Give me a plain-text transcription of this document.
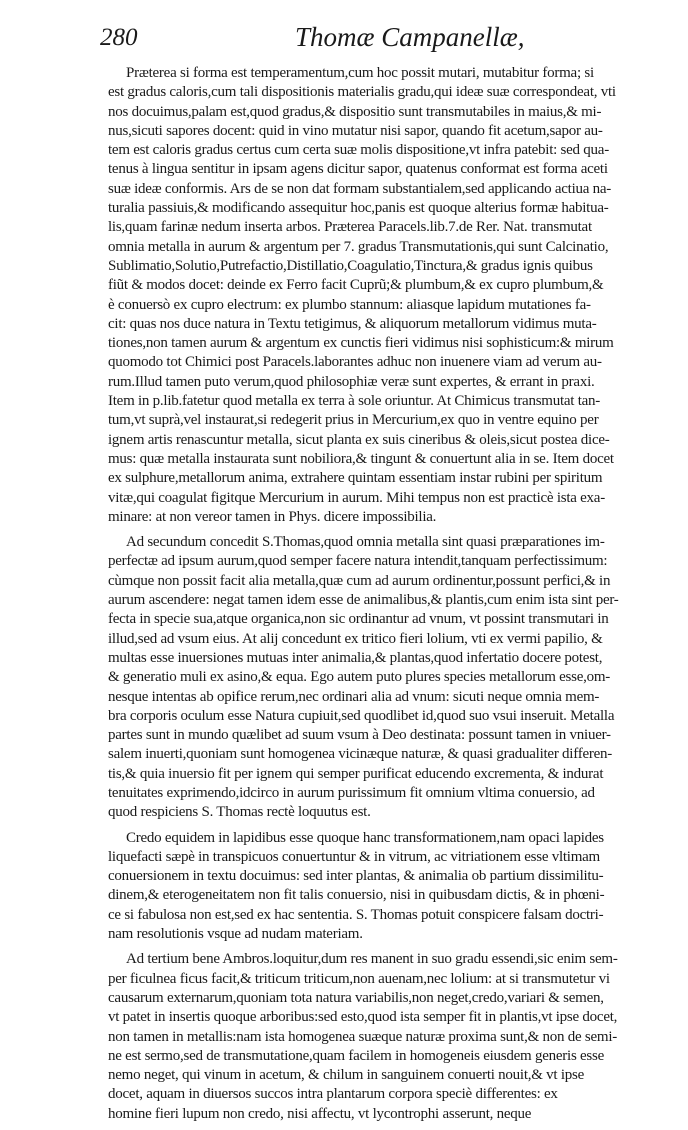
280	Thomæ Campanellæ,
Præterea si forma est temperamentum,cum hoc possit mutari, mutabitur forma; si
est gradus caloris,cum tali dispositionis materialis gradu,qui ideæ suæ correspondeat, vti
nos docuimus,palam est,quod gradus,& dispositio sunt transmutabiles in maius,& mi-
nus,sicuti sapores docent: quid in vino mutatur nisi sapor, quando fit acetum,sapor au-
tem est caloris gradus certus cum certa suæ molis dispositione,vt infra patebit: sed qua-
tenus à lingua sentitur in ipsam agens dicitur sapor, quatenus conformat est forma aceti
suæ ideæ conformis. Ars de se non dat formam substantialem,sed applicando actiua na-
turalia passiuis,& modificando assequitur hoc,panis est quoque alterius formæ habitua-
lis,quam farinæ nedum inserta arbos. Præterea Paracels.lib.7.de Rer. Nat. transmutat
omnia metalla in aurum & argentum per 7. gradus Transmutationis,qui sunt Calcinatio,
Sublimatio,Solutio,Putrefactio,Distillatio,Coagulatio,Tinctura,& gradus ignis quibus
fiũt & modos docet: deinde ex Ferro facit Cuprũ;& plumbum,& ex cupro plumbum,&
è conuersò ex cupro electrum: ex plumbo stannum: aliasque lapidum mutationes fa-
cit: quas nos duce natura in Textu tetigimus, & aliquorum metallorum vidimus muta-
tiones,non tamen aurum & argentum ex cunctis fieri vidimus nisi sophisticum:& mirum
quomodo tot Chimici post Paracels.laborantes adhuc non inuenere viam ad verum au-
rum.Illud tamen puto verum,quod philosophiæ veræ sunt expertes, & errant in praxi.
Item in p.lib.fatetur quod metalla ex terra à sole oriuntur. At Chimicus transmutat tan-
tum,vt suprà,vel instaurat,si redegerit prius in Mercurium,ex quo in ventre equino per
ignem artis renascuntur metalla, sicut planta ex suis cineribus & oleis,sicut postea dice-
mus: quæ metalla instaurata sunt nobiliora,& tingunt & conuertunt alia in se. Item docet
ex sulphure,metallorum anima, extrahere quintam essentiam instar rubini per spiritum
vitæ,qui coagulat figitque Mercurium in aurum. Mihi tempus non est practicè ista exa-
minare: at non vereor tamen in Phys. dicere impossibilia.
Ad secundum concedit S.Thomas,quod omnia metalla sint quasi præparationes im-
perfectæ ad ipsum aurum,quod semper facere natura intendit,tanquam perfectissimum:
cùmque non possit facit alia metalla,quæ cum ad aurum ordinentur,possunt perfici,& in
aurum ascendere: negat tamen idem esse de animalibus,& plantis,cum enim ista sint per-
fecta in specie sua,atque organica,non sic ordinantur ad vnum, vt possint transmutari in
illud,sed ad vsum eius. At alij concedunt ex tritico fieri lolium, vti ex vermi papilio, &
multas esse inuersiones mutuas inter animalia,& plantas,quod infertatio docere potest,
& generatio muli ex asino,& equa. Ego autem puto plures species metallorum esse,om-
nesque intentas ab opifice rerum,nec ordinari alia ad vnum: sicuti neque omnia mem-
bra corporis oculum esse Natura cupiuit,sed quodlibet id,quod suo vsui inseruit. Metalla
partes sunt in mundo quælibet ad suum vsum à Deo destinata: possunt tamen in vniuer-
salem inuerti,quoniam sunt homogenea vicinæque naturæ, & quasi gradualiter differen-
tis,& quia inuersio fit per ignem qui semper purificat educendo excrementa, & indurat
tenuitates exprimendo,idcirco in aurum purissimum fit omnium vltima conuersio, ad
quod respiciens S. Thomas rectè loquutus est.
Credo equidem in lapidibus esse quoque hanc transformationem,nam opaci lapides
liquefacti sæpè in transpicuos conuertuntur & in vitrum, ac vitriationem esse vltimam
conuersionem in textu docuimus: sed inter plantas, & animalia ob partium dissimilitu-
dinem,& eterogeneitatem non fit talis conuersio, nisi in quibusdam dictis, & in phœni-
ce si fabulosa non est,sed ex hac sententia. S. Thomas potuit conspicere falsam doctri-
nam resolutionis vsque ad nudam materiam.
Ad tertium bene Ambros.loquitur,dum res manent in suo gradu essendi,sic enim sem-
per ficulnea ficus facit,& triticum triticum,non auenam,nec lolium: at si transmutetur vi
causarum externarum,quoniam tota natura variabilis,non neget,credo,variari & semen,
vt patet in insertis quoque arboribus:sed esto,quod ista semper fit in plantis,vt ipse docet,
non tamen in metallis:nam ista homogenea suæque naturæ proxima sunt,& non de semi-
ne est sermo,sed de transmutatione,quam facilem in homogeneis eiusdem generis esse
nemo neget, qui vinum in acetum, & chilum in sanguinem conuerti nouit,& vt ipse
docet, aquam in diuersos succos intra plantarum corpora speciè differentes: ex
homine fieri lupum non credo, nisi affectu, vt lycontrophi asserunt, neque
